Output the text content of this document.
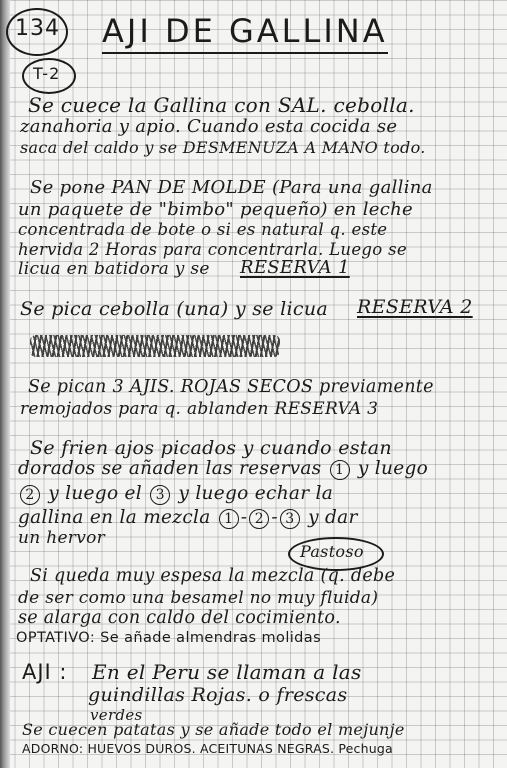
134 AJI DE GALLINA
T-2
Se cuece la Gallina con SAL. cebolla.
zanahoria y apio. Cuando esta cocida se
saca del caldo y se DESMENUZA A MANO todo.
Se pone PAN DE MOLDE (Para una gallina
un paquete de "bimbo" pequeño) en leche
concentrada de bote o si es natural q. este
hervida 2 Horas para concentrarla. Luego se
licua en batidora y se RESERVA 1
Se pica cebolla (una) y se licua RESERVA 2
Se pican 3 AJIS. ROJAS SECOS previamente
remojados para q. ablanden RESERVA 3
Se frien ajos picados y cuando estan
dorados se añaden las reservas 1 y luego
2 y luego el 3 y luego echar la
gallina en la mezcla 1 - 2 - 3 y dar
un hervor
Pastoso
Si queda muy espesa la mezcla (q. debe
de ser como una besamel no muy fluida)
se alarga con caldo del cocimiento.
OPTATIVO: Se añade almendras molidas
AJI : En el Peru se llaman a las
guindillas Rojas. o frescas
verdes
Se cuecen patatas y se añade todo el mejunje
ADORNO: HUEVOS DUROS. ACEITUNAS NEGRAS. Pechuga
